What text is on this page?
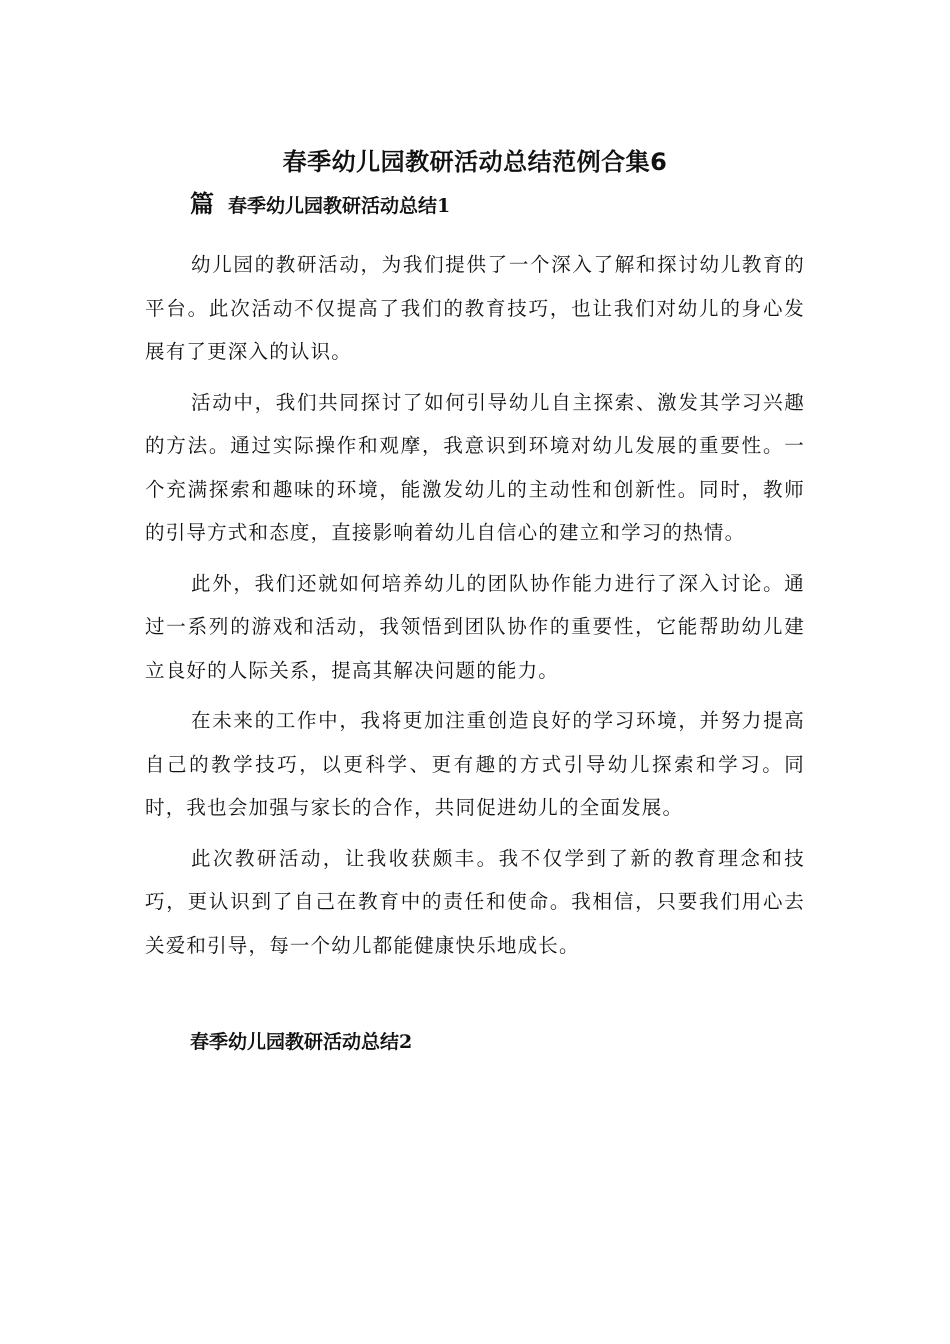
春季幼儿园教研活动总结范例合集6
篇 春季幼儿园教研活动总结1

幼儿园的教研活动，为我们提供了一个深入了解和探讨幼儿教育的平台。此次活动不仅提高了我们的教育技巧，也让我们对幼儿的身心发展有了更深入的认识。

活动中，我们共同探讨了如何引导幼儿自主探索、激发其学习兴趣的方法。通过实际操作和观摩，我意识到环境对幼儿发展的重要性。一个充满探索和趣味的环境，能激发幼儿的主动性和创新性。同时，教师的引导方式和态度，直接影响着幼儿自信心的建立和学习的热情。

此外，我们还就如何培养幼儿的团队协作能力进行了深入讨论。通过一系列的游戏和活动，我领悟到团队协作的重要性，它能帮助幼儿建立良好的人际关系，提高其解决问题的能力。

在未来的工作中，我将更加注重创造良好的学习环境，并努力提高自己的教学技巧，以更科学、更有趣的方式引导幼儿探索和学习。同时，我也会加强与家长的合作，共同促进幼儿的全面发展。

此次教研活动，让我收获颇丰。我不仅学到了新的教育理念和技巧，更认识到了自己在教育中的责任和使命。我相信，只要我们用心去关爱和引导，每一个幼儿都能健康快乐地成长。

春季幼儿园教研活动总结2
